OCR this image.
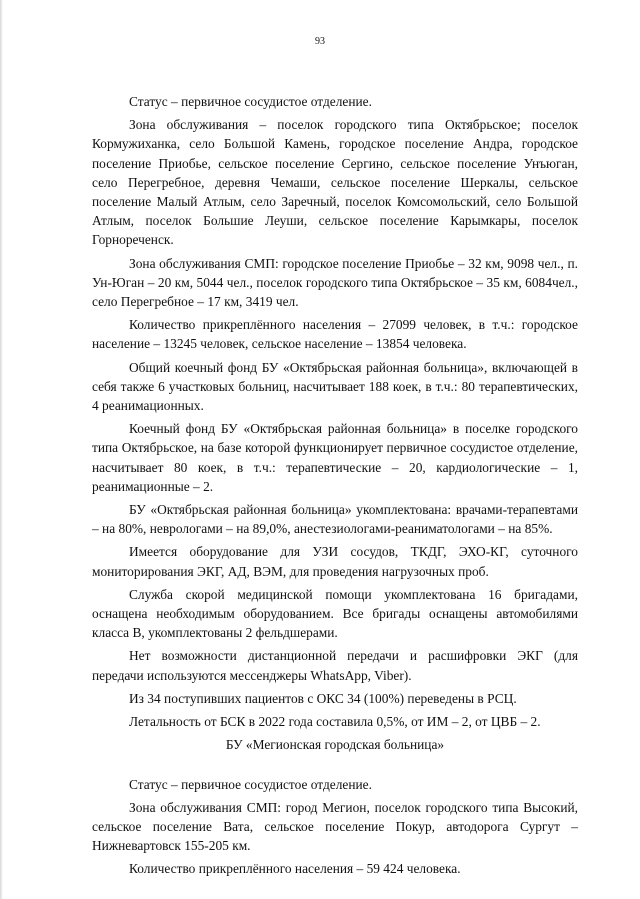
93

Статус – первичное сосудистое отделение.

Зона обслуживания – поселок городского типа Октябрьское; поселок Кормужиханка, село Большой Камень, городское поселение Андра, городское поселение Приобье, сельское поселение Сергино, сельское поселение Унъюган, село Перегребное, деревня Чемаши, сельское поселение Шеркалы, сельское поселение Малый Атлым, село Заречный, поселок Комсомольский, село Большой Атлым, поселок Большие Леуши, сельское поселение Карымкары, поселок Горнореченск.

Зона обслуживания СМП: городское поселение Приобье – 32 км, 9098 чел., п. Ун-Юган – 20 км, 5044 чел., поселок городского типа Октябрьское – 35 км, 6084чел., село Перегребное – 17 км, 3419 чел.

Количество прикреплённого населения – 27099 человек, в т.ч.: городское население – 13245 человек, сельское население – 13854 человека.

Общий коечный фонд БУ «Октябрьская районная больница», включающей в себя также 6 участковых больниц, насчитывает 188 коек, в т.ч.: 80 терапевтических, 4 реанимационных.

Коечный фонд БУ «Октябрьская районная больница» в поселке городского типа Октябрьское, на базе которой функционирует первичное сосудистое отделение, насчитывает 80 коек, в т.ч.: терапевтические – 20, кардиологические – 1, реанимационные – 2.

БУ «Октябрьская районная больница» укомплектована: врачами-терапевтами – на 80%, неврологами – на 89,0%, анестезиологами-реаниматологами – на 85%.

Имеется оборудование для УЗИ сосудов, ТКДГ, ЭХО-КГ, суточного мониторирования ЭКГ, АД, ВЭМ, для проведения нагрузочных проб.

Служба скорой медицинской помощи укомплектована 16 бригадами, оснащена необходимым оборудованием. Все бригады оснащены автомобилями класса В, укомплектованы 2 фельдшерами.

Нет возможности дистанционной передачи и расшифровки ЭКГ (для передачи используются мессенджеры WhatsApp, Viber).

Из 34 поступивших пациентов с ОКС 34 (100%) переведены в РСЦ.

Летальность от БСК в 2022 года составила 0,5%, от ИМ – 2, от ЦВБ – 2.

БУ «Мегионская городская больница»

Статус – первичное сосудистое отделение.

Зона обслуживания СМП: город Мегион, поселок городского типа Высокий, сельское поселение Вата, сельское поселение Покур, автодорога Сургут – Нижневартовск 155-205 км.

Количество прикреплённого населения – 59 424 человека.
